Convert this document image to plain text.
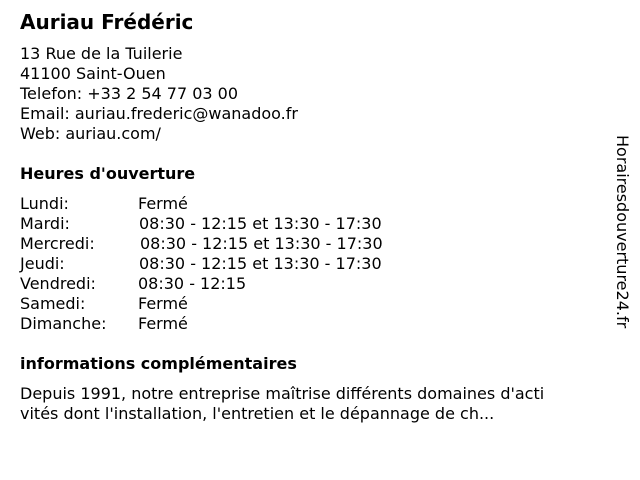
Auriau Frédéric
13 Rue de la Tuilerie
41100 Saint-Ouen
Telefon: +33 2 54 77 03 00
Email: auriau.frederic@wanadoo.fr
Web: auriau.com/
Heures d'ouverture
Lundi:	Fermé
Mardi:	08:30 - 12:15 et 13:30 - 17:30
Mercredi:	08:30 - 12:15 et 13:30 - 17:30
Jeudi:	08:30 - 12:15 et 13:30 - 17:30
Vendredi:	08:30 - 12:15
Samedi:	Fermé
Dimanche: Fermé
informations complémentaires
Depuis 1991, notre entreprise maîtrise différents domaines d'acti
vités dont l'installation, l'entretien et le dépannage de ch...
Horairesdouverture24.fr
